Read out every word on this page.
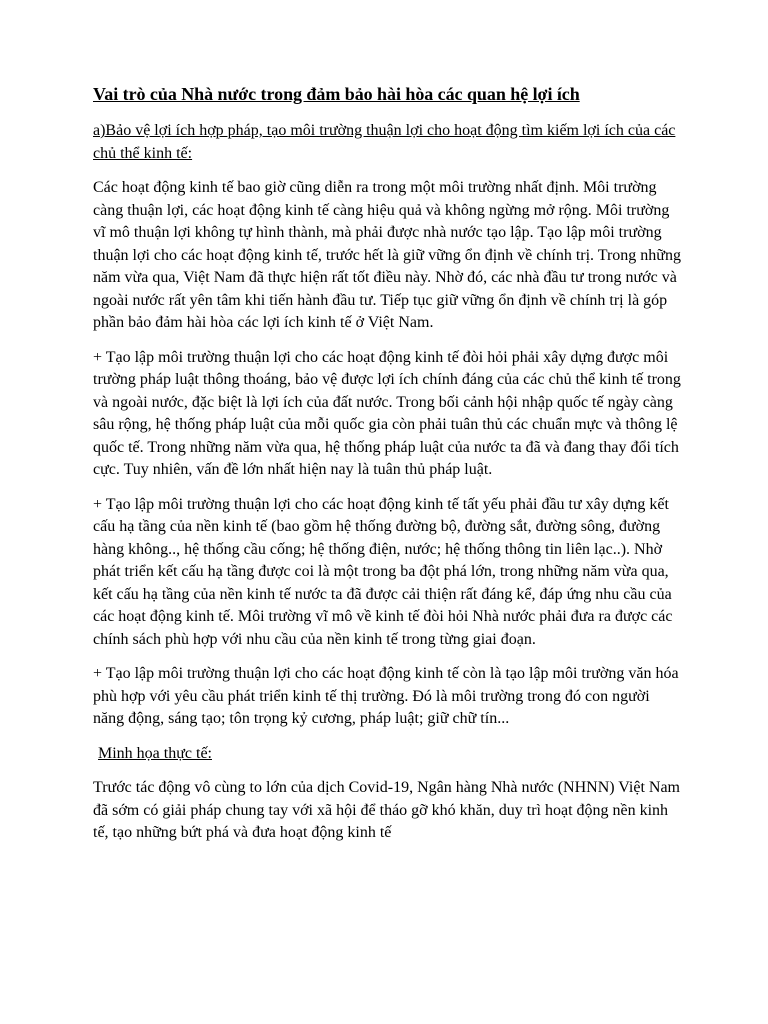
Vai trò của Nhà nước trong đảm bảo hài hòa các quan hệ lợi ích
a)Bảo vệ lợi ích hợp pháp, tạo môi trường thuận lợi cho hoạt động tìm kiếm lợi ích của các chủ thể kinh tế:
Các hoạt động kinh tế bao giờ cũng diễn ra trong một môi trường nhất định. Môi trường càng thuận lợi, các hoạt động kinh tế càng hiệu quả và không ngừng mở rộng. Môi trường vĩ mô thuận lợi không tự hình thành, mà phải được nhà nước tạo lập. Tạo lập môi trường thuận lợi cho các hoạt động kinh tế, trước hết là giữ vững ổn định về chính trị. Trong những năm vừa qua, Việt Nam đã thực hiện rất tốt điều này. Nhờ đó, các nhà đầu tư trong nước và ngoài nước rất yên tâm khi tiến hành đầu tư. Tiếp tục giữ vững ổn định về chính trị là góp phần bảo đảm hài hòa các lợi ích kinh tế ở Việt Nam.
+ Tạo lập môi trường thuận lợi cho các hoạt động kinh tế đòi hỏi phải xây dựng được môi trường pháp luật thông thoáng, bảo vệ được lợi ích chính đáng của các chủ thể kinh tế trong và ngoài nước, đặc biệt là lợi ích của đất nước. Trong bối cảnh hội nhập quốc tế ngày càng sâu rộng, hệ thống pháp luật của mỗi quốc gia còn phải tuân thủ các chuẩn mực và thông lệ quốc tế. Trong những năm vừa qua, hệ thống pháp luật của nước ta đã và đang thay đổi tích cực. Tuy nhiên, vấn đề lớn nhất hiện nay là tuân thủ pháp luật.
+ Tạo lập môi trường thuận lợi cho các hoạt động kinh tế tất yếu phải đầu tư xây dựng kết cấu hạ tầng của nền kinh tế (bao gồm hệ thống đường bộ, đường sắt, đường sông, đường hàng không.., hệ thống cầu cống; hệ thống điện, nước; hệ thống thông tin liên lạc..). Nhờ phát triển kết cấu hạ tầng được coi là một trong ba đột phá lớn, trong những năm vừa qua, kết cấu hạ tầng của nền kinh tế nước ta đã được cải thiện rất đáng kể, đáp ứng nhu cầu của các hoạt động kinh tế. Môi trường vĩ mô về kinh tế đòi hỏi Nhà nước phải đưa ra được các chính sách phù hợp với nhu cầu của nền kinh tế trong từng giai đoạn.
+ Tạo lập môi trường thuận lợi cho các hoạt động kinh tế còn là tạo lập môi trường văn hóa phù hợp với yêu cầu phát triển kinh tế thị trường. Đó là môi trường trong đó con người năng động, sáng tạo; tôn trọng kỷ cương, pháp luật; giữ chữ tín...
Minh họa thực tế:
Trước tác động vô cùng to lớn của dịch Covid-19, Ngân hàng Nhà nước (NHNN) Việt Nam đã sớm có giải pháp chung tay với xã hội để tháo gỡ khó khăn, duy trì hoạt động nền kinh tế, tạo những bứt phá và đưa hoạt động kinh tế
